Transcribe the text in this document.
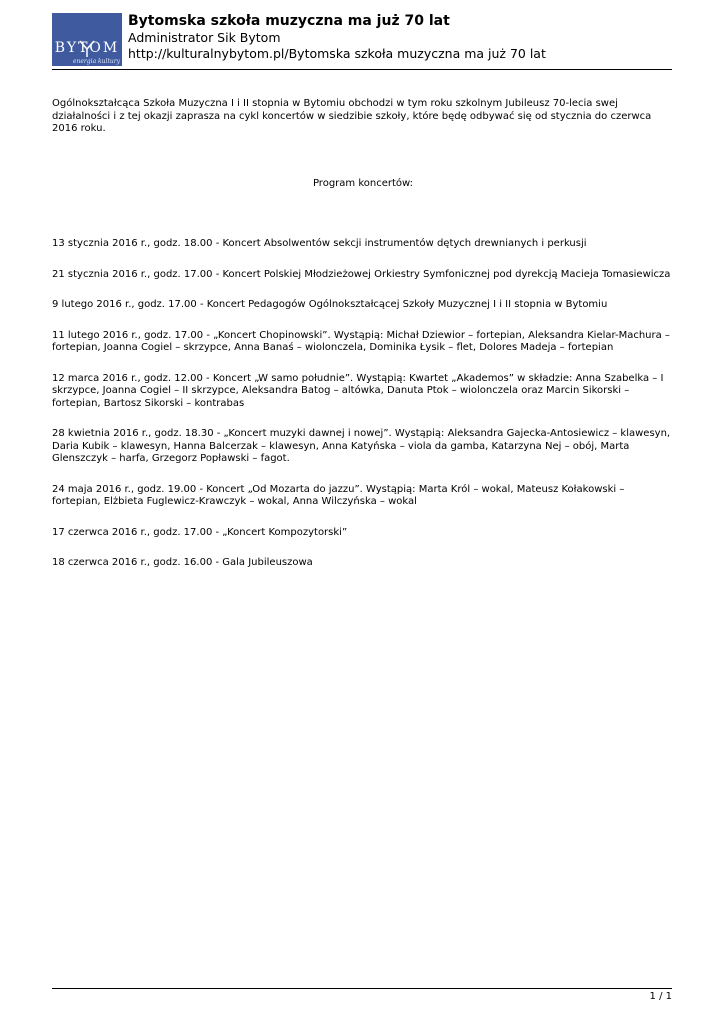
BYTOM
energia kultury
Bytomska szkoła muzyczna ma już 70 lat
Administrator Sik Bytom
http://kulturalnybytom.pl/Bytomska szkoła muzyczna ma już 70 lat

Ogólnokształcąca Szkoła Muzyczna I i II stopnia w Bytomiu obchodzi w tym roku szkolnym Jubileusz 70-lecia swej działalności i z tej okazji zaprasza na cykl koncertów w siedzibie szkoły, które będę odbywać się od stycznia do czerwca 2016 roku.

Program koncertów:

13 stycznia 2016 r., godz. 18.00 - Koncert Absolwentów sekcji instrumentów dętych drewnianych i perkusji

21 stycznia 2016 r., godz. 17.00 - Koncert Polskiej Młodzieżowej Orkiestry Symfonicznej pod dyrekcją Macieja Tomasiewicza

9 lutego 2016 r., godz. 17.00 - Koncert Pedagogów Ogólnokształcącej Szkoły Muzycznej I i II stopnia w Bytomiu

11 lutego 2016 r., godz. 17.00 - „Koncert Chopinowski”. Wystąpią: Michał Dziewior – fortepian, Aleksandra Kielar-Machura – fortepian, Joanna Cogiel – skrzypce, Anna Banaś – wiolonczela, Dominika Łysik – flet, Dolores Madeja – fortepian

12 marca 2016 r., godz. 12.00 - Koncert „W samo południe”. Wystąpią: Kwartet „Akademos” w składzie: Anna Szabelka – I skrzypce, Joanna Cogiel – II skrzypce, Aleksandra Batog – altówka, Danuta Ptok – wiolonczela oraz Marcin Sikorski – fortepian, Bartosz Sikorski – kontrabas

28 kwietnia 2016 r., godz. 18.30 - „Koncert muzyki dawnej i nowej”. Wystąpią: Aleksandra Gajecka-Antosiewicz – klawesyn, Daria Kubik – klawesyn, Hanna Balcerzak – klawesyn, Anna Katyńska – viola da gamba, Katarzyna Nej – obój, Marta Glenszczyk – harfa, Grzegorz Popławski – fagot.

24 maja 2016 r., godz. 19.00 - Koncert „Od Mozarta do jazzu”. Wystąpią: Marta Król – wokal, Mateusz Kołakowski – fortepian, Elżbieta Fuglewicz-Krawczyk – wokal, Anna Wilczyńska – wokal

17 czerwca 2016 r., godz. 17.00 - „Koncert Kompozytorski”

18 czerwca 2016 r., godz. 16.00 - Gala Jubileuszowa

1 / 1
